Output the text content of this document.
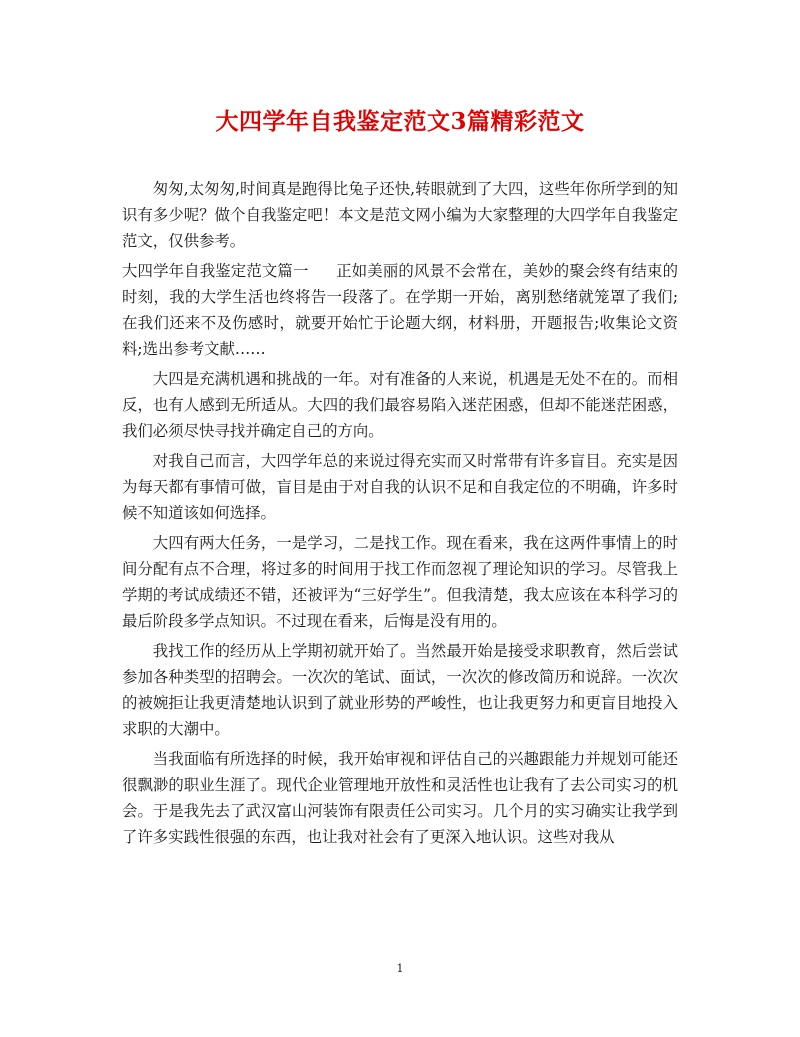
大四学年自我鉴定范文3篇精彩范文

匆匆,太匆匆,时间真是跑得比兔子还快,转眼就到了大四，这些年你所学到的知识有多少呢？做个自我鉴定吧！本文是范文网小编为大家整理的大四学年自我鉴定范文，仅供参考。

大四学年自我鉴定范文篇一 正如美丽的风景不会常在，美妙的聚会终有结束的时刻，我的大学生活也终将告一段落了。在学期一开始，离别愁绪就笼罩了我们;在我们还来不及伤感时，就要开始忙于论题大纲，材料册，开题报告;收集论文资料;选出参考文献……

大四是充满机遇和挑战的一年。对有准备的人来说，机遇是无处不在的。而相反，也有人感到无所适从。大四的我们最容易陷入迷茫困惑，但却不能迷茫困惑，我们必须尽快寻找并确定自己的方向。

对我自己而言，大四学年总的来说过得充实而又时常带有许多盲目。充实是因为每天都有事情可做，盲目是由于对自我的认识不足和自我定位的不明确，许多时候不知道该如何选择。

大四有两大任务，一是学习，二是找工作。现在看来，我在这两件事情上的时间分配有点不合理，将过多的时间用于找工作而忽视了理论知识的学习。尽管我上学期的考试成绩还不错，还被评为“三好学生”。但我清楚，我太应该在本科学习的最后阶段多学点知识。不过现在看来，后悔是没有用的。

我找工作的经历从上学期初就开始了。当然最开始是接受求职教育，然后尝试参加各种类型的招聘会。一次次的笔试、面试，一次次的修改简历和说辞。一次次的被婉拒让我更清楚地认识到了就业形势的严峻性，也让我更努力和更盲目地投入求职的大潮中。

当我面临有所选择的时候，我开始审视和评估自己的兴趣跟能力并规划可能还很飘渺的职业生涯了。现代企业管理地开放性和灵活性也让我有了去公司实习的机会。于是我先去了武汉富山河装饰有限责任公司实习。几个月的实习确实让我学到了许多实践性很强的东西，也让我对社会有了更深入地认识。这些对我从

1
